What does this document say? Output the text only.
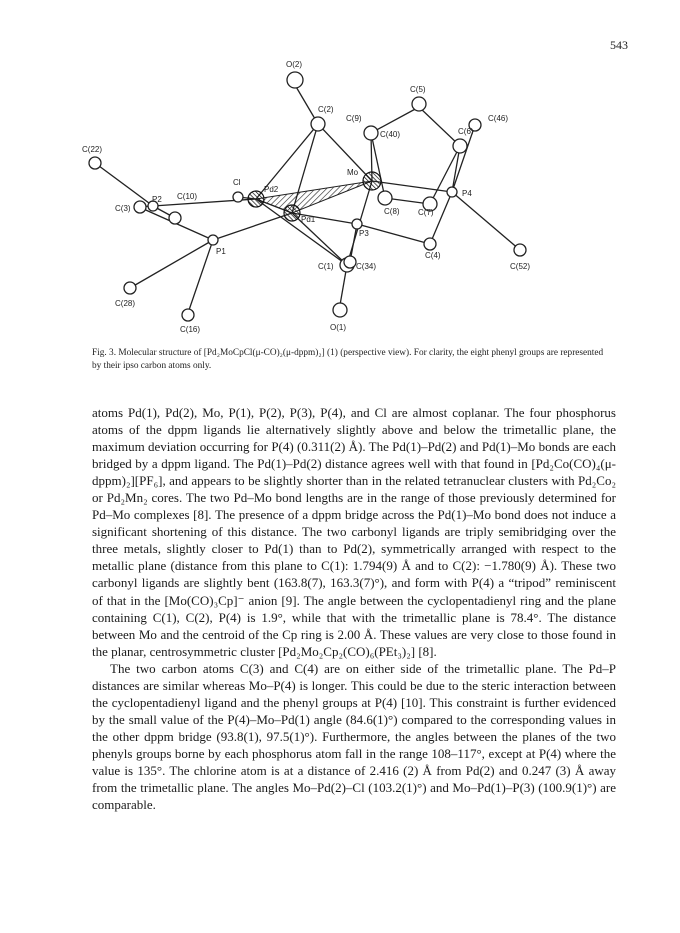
543
O(2)
C(2)
C(5)
C(9)	C(46)
C(40)	C(6)
C(22)
Mo
Cl
Pd2
C(10)
P2
C(3)
P4
C(8) C(7)
Pd1
P3
P1
C(1)	C(34)
C(4)
C(52)
C(28)
C(16)	O(1)
Fig. 3. Molecular structure of [Pd₂MoCpCl(μ-CO)₂(μ-dppm)₂] (1) (perspective view). For clarity, the eight phenyl groups are represented by their ipso carbon atoms only.

atoms Pd(1), Pd(2), Mo, P(1), P(2), P(3), P(4), and Cl are almost coplanar. The four phosphorus atoms of the dppm ligands lie alternatively slightly above and below the trimetallic plane, the maximum deviation occurring for P(4) (0.311(2) Å). The Pd(1)–Pd(2) and Pd(1)–Mo bonds are each bridged by a dppm ligand. The Pd(1)–Pd(2) distance agrees well with that found in [Pd₂Co(CO)₄(μ-dppm)₂][PF₆], and appears to be slightly shorter than in the related tetranuclear clusters with Pd₂Co₂ or Pd₂Mn₂ cores. The two Pd–Mo bond lengths are in the range of those previously determined for Pd–Mo complexes [8]. The presence of a dppm bridge across the Pd(1)–Mo bond does not induce a significant shortening of this distance. The two carbonyl ligands are triply semibridging over the three metals, slightly closer to Pd(1) than to Pd(2), symmetrically arranged with respect to the metallic plane (distance from this plane to C(1): 1.794(9) Å and to C(2): −1.780(9) Å). These two carbonyl ligands are slightly bent (163.8(7), 163.3(7)°), and form with P(4) a “tripod” reminiscent of that in the [Mo(CO)₃Cp]⁻ anion [9]. The angle between the cyclopentadienyl ring and the plane containing C(1), C(2), P(4) is 1.9°, while that with the trimetallic plane is 78.4°. The distance between Mo and the centroid of the Cp ring is 2.00 Å. These values are very close to those found in the planar, centrosymmetric cluster [Pd₂Mo₂Cp₂(CO)₆(PEt₃)₂] [8].

The two carbon atoms C(3) and C(4) are on either side of the trimetallic plane. The Pd–P distances are similar whereas Mo–P(4) is longer. This could be due to the steric interaction between the cyclopentadienyl ligand and the phenyl groups at P(4) [10]. This constraint is further evidenced by the small value of the P(4)–Mo–Pd(1) angle (84.6(1)°) compared to the corresponding values in the other dppm bridge (93.8(1), 97.5(1)°). Furthermore, the angles between the planes of the two phenyls groups borne by each phosphorus atom fall in the range 108–117°, except at P(4) where the value is 135°. The chlorine atom is at a distance of 2.416 (2) Å from Pd(2) and 0.247 (3) Å away from the trimetallic plane. The angles Mo–Pd(2)–Cl (103.2(1)°) and Mo–Pd(1)–P(3) (100.9(1)°) are comparable.
